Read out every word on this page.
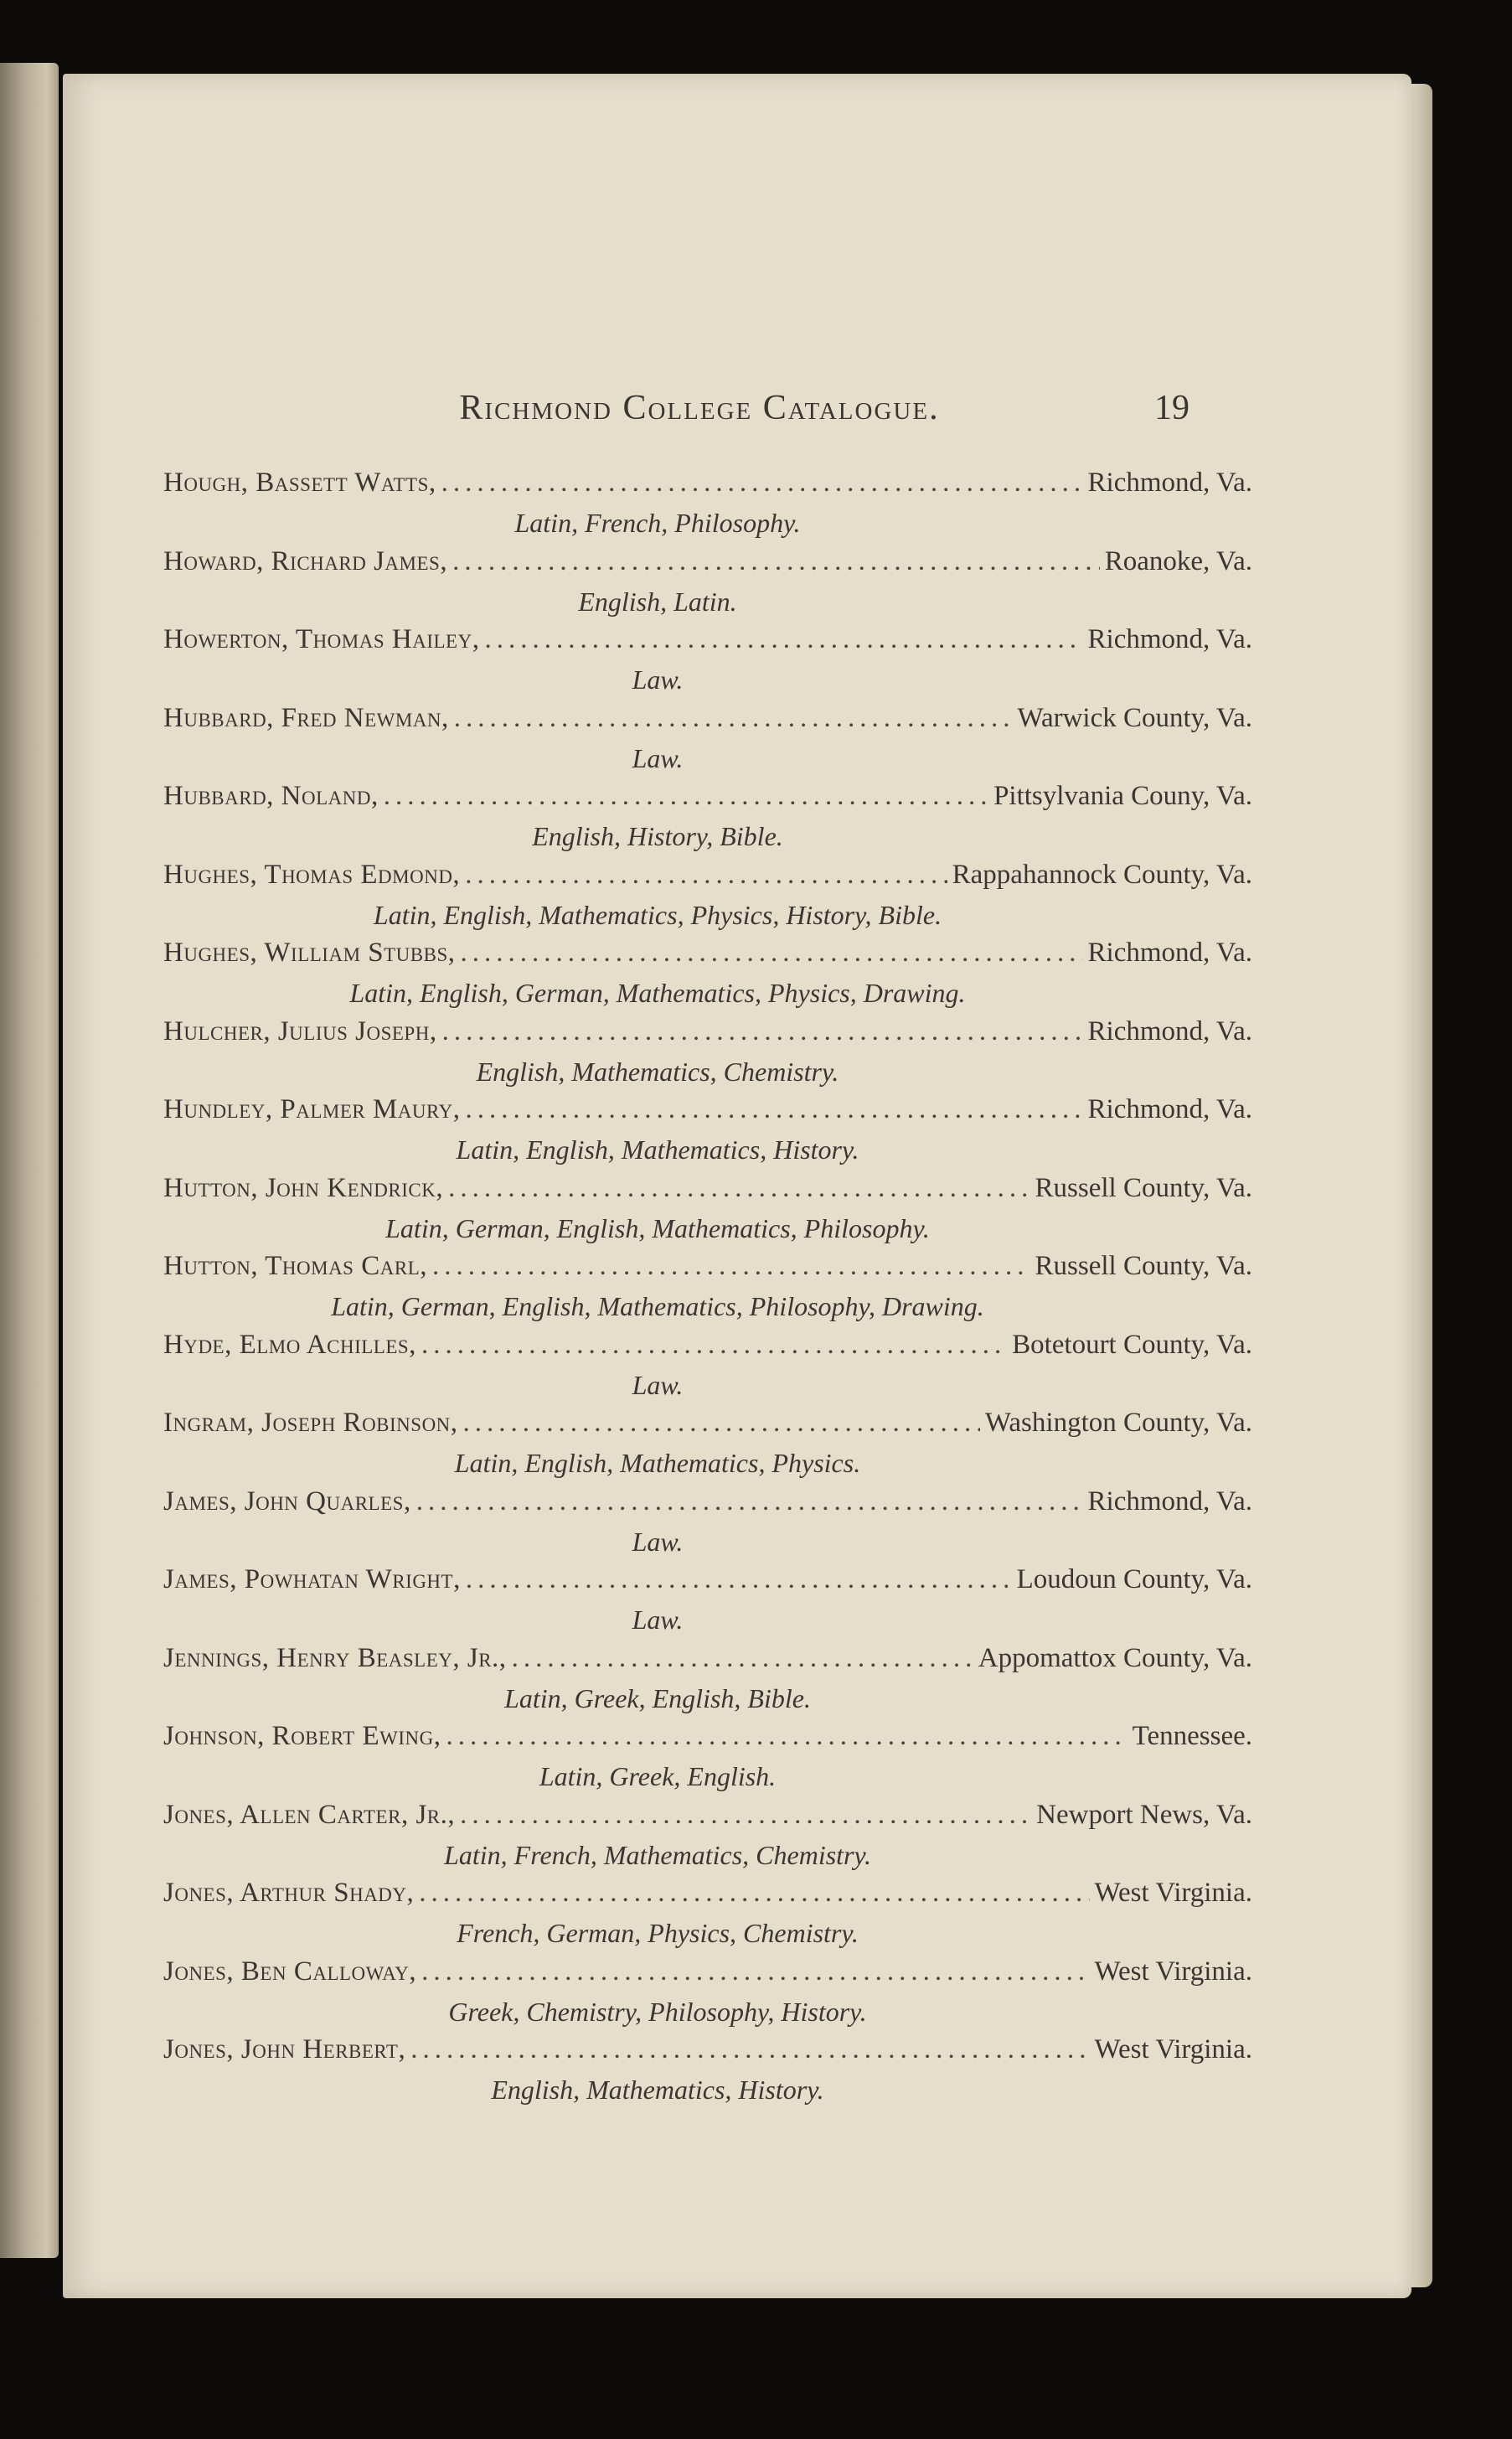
Richmond College Catalogue.	19
Hough, Bassett Watts, .....	Richmond, Va.
Latin, French, Philosophy.
Howard, Richard James, .....	Roanoke, Va.
English, Latin.
Howerton, Thomas Hailey, .....	Richmond, Va.
Law.
Hubbard, Fred Newman, .....	Warwick County, Va.
Law.
Hubbard, Noland, .....	Pittsylvania Couny, Va.
English, History, Bible.
Hughes, Thomas Edmond, .....	Rappahannock County, Va.
Latin, English, Mathematics, Physics, History, Bible.
Hughes, William Stubbs, .....	Richmond, Va.
Latin, English, German, Mathematics, Physics, Drawing.
Hulcher, Julius Joseph, .....	Richmond, Va.
English, Mathematics, Chemistry.
Hundley, Palmer Maury, .....	Richmond, Va.
Latin, English, Mathematics, History.
Hutton, John Kendrick, .....	Russell County, Va.
Latin, German, English, Mathematics, Philosophy.
Hutton, Thomas Carl, .....	Russell County, Va.
Latin, German, English, Mathematics, Philosophy, Drawing.
Hyde, Elmo Achilles, .....	Botetourt County, Va.
Law.
Ingram, Joseph Robinson, .....	Washington County, Va.
Latin, English, Mathematics, Physics.
James, John Quarles, .....	Richmond, Va.
Law.
James, Powhatan Wright, .....	Loudoun County, Va.
Law.
Jennings, Henry Beasley, Jr., .....	Appomattox County, Va.
Latin, Greek, English, Bible.
Johnson, Robert Ewing, .....	Tennessee.
Latin, Greek, English.
Jones, Allen Carter, Jr., .....	Newport News, Va.
Latin, French, Mathematics, Chemistry.
Jones, Arthur Shady, .....	West Virginia.
French, German, Physics, Chemistry.
Jones, Ben Calloway, .....	West Virginia.
Greek, Chemistry, Philosophy, History.
Jones, John Herbert, .....	West Virginia.
English, Mathematics, History.
